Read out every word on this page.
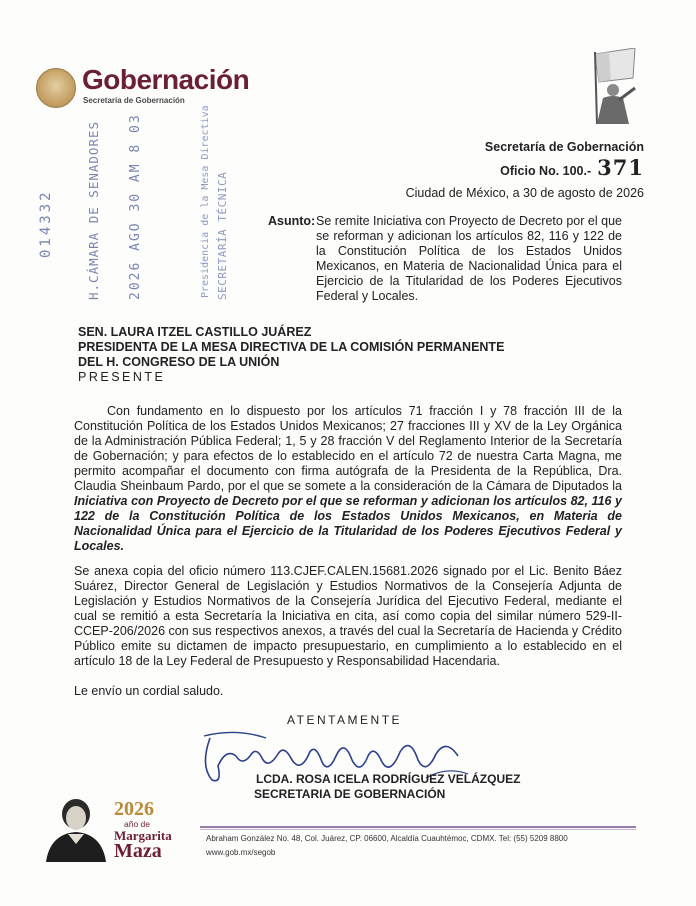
Gobernación
Secretaría de Gobernación
Secretaría de Gobernación
Oficio No. 100.- 371
Ciudad de México, a 30 de agosto de 2026
Asunto: Se remite Iniciativa con Proyecto de Decreto por el que se reforman y adicionan los artículos 82, 116 y 122 de la Constitución Política de los Estados Unidos Mexicanos, en Materia de Nacionalidad Única para el Ejercicio de la Titularidad de los Poderes Ejecutivos Federal y Locales.
014332	H.CÁMARA DE SENADORES 2026 AGO 30 AM 8 03	Presidencia de la Mesa Directiva SECRETARÍA TÉCNICA
SEN. LAURA ITZEL CASTILLO JUÁREZ
PRESIDENTA DE LA MESA DIRECTIVA DE LA COMISIÓN PERMANENTE
DEL H. CONGRESO DE LA UNIÓN
PRESENTE
Con fundamento en lo dispuesto por los artículos 71 fracción I y 78 fracción III de la Constitución Política de los Estados Unidos Mexicanos; 27 fracciones III y XV de la Ley Orgánica de la Administración Pública Federal; 1, 5 y 28 fracción V del Reglamento Interior de la Secretaría de Gobernación; y para efectos de lo establecido en el artículo 72 de nuestra Carta Magna, me permito acompañar el documento con firma autógrafa de la Presidenta de la República, Dra. Claudia Sheinbaum Pardo, por el que se somete a la consideración de la Cámara de Diputados la Iniciativa con Proyecto de Decreto por el que se reforman y adicionan los artículos 82, 116 y 122 de la Constitución Política de los Estados Unidos Mexicanos, en Materia de Nacionalidad Única para el Ejercicio de la Titularidad de los Poderes Ejecutivos Federal y Locales.
Se anexa copia del oficio número 113.CJEF.CALEN.15681.2026 signado por el Lic. Benito Báez Suárez, Director General de Legislación y Estudios Normativos de la Consejería Adjunta de Legislación y Estudios Normativos de la Consejería Jurídica del Ejecutivo Federal, mediante el cual se remitió a esta Secretaría la Iniciativa en cita, así como copia del similar número 529-II-CCEP-206/2026 con sus respectivos anexos, a través del cual la Secretaría de Hacienda y Crédito Público emite su dictamen de impacto presupuestario, en cumplimiento a lo establecido en el artículo 18 de la Ley Federal de Presupuesto y Responsabilidad Hacendaria.
Le envío un cordial saludo.
ATENTAMENTE
LCDA. ROSA ICELA RODRÍGUEZ VELÁZQUEZ
SECRETARIA DE GOBERNACIÓN
2026
año de
Margarita
Maza
Abraham González No. 48, Col. Juárez, CP. 06600, Alcaldía Cuauhtémoc, CDMX. Tel: (55) 5209 8800
www.gob.mx/segob
